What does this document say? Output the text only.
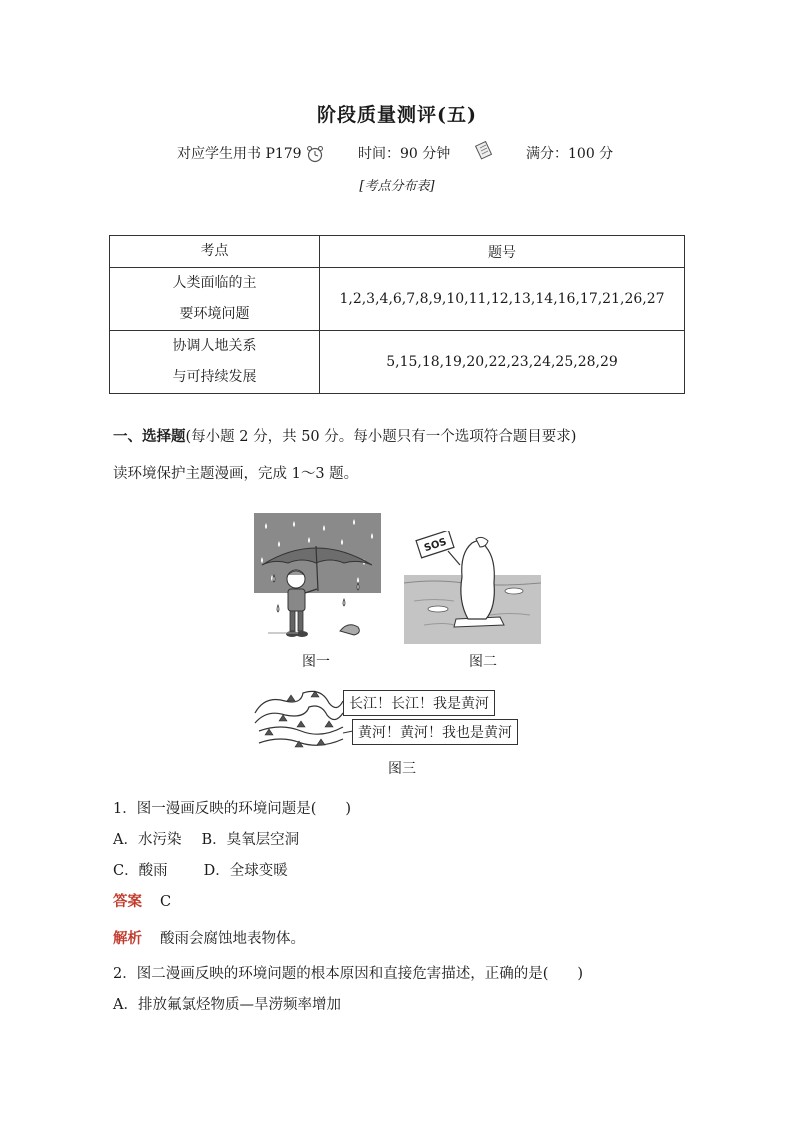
阶段质量测评(五)
对应学生用书 P179	时间：90 分钟	满分：100 分
[考点分布表]
考点	题号

人类面临的主
要环境问题	1,2,3,4,6,7,8,9,10,11,12,13,14,16,17,21,26,27

协调人地关系
与可持续发展	5,15,18,19,20,22,23,24,25,28,29
一、选择题(每小题 2 分，共 50 分。每小题只有一个选项符合题目要求)
读环境保护主题漫画，完成 1～3 题。
SOS
图一	图二
长江！长江！我是黄河
黄河！黄河！我也是黄河
图三
1．图一漫画反映的环境问题是(　　)
A．水污染 B．臭氧层空洞
C．酸雨 D．全球变暖
答案 C
解析 酸雨会腐蚀地表物体。
2．图二漫画反映的环境问题的根本原因和直接危害描述，正确的是(　　)
A．排放氟氯烃物质—旱涝频率增加
